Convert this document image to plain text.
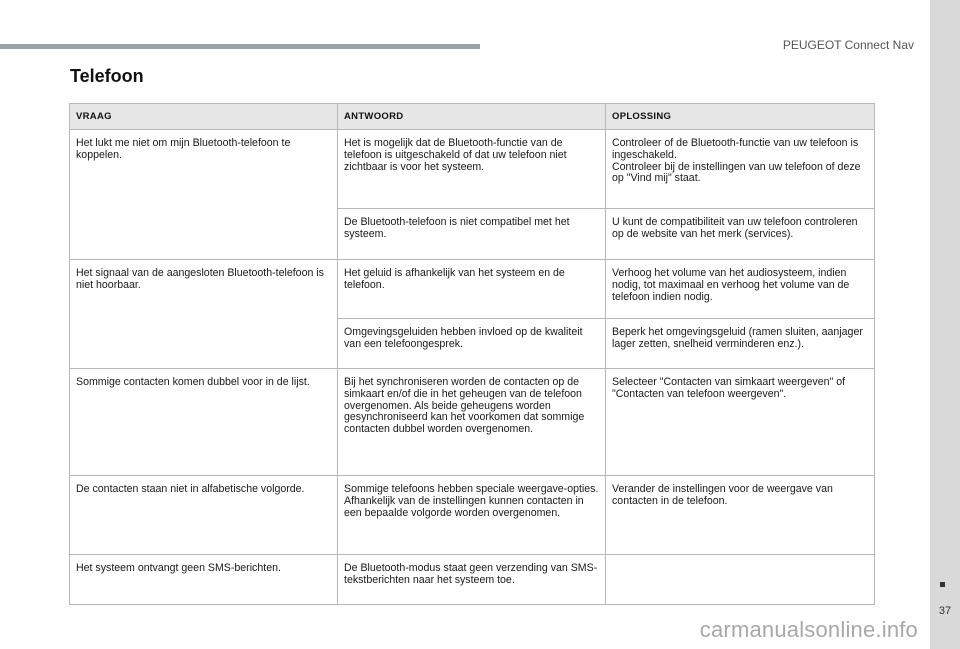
PEUGEOT Connect Nav
37
carmanualsonline.info
Telefoon
VRAAG	ANTWOORD	OPLOSSING
Het lukt me niet om mijn Bluetooth-telefoon te koppelen.	Het is mogelijk dat de Bluetooth-functie van de telefoon is uitgeschakeld of dat uw telefoon niet zichtbaar is voor het systeem.	Controleer of de Bluetooth-functie van uw telefoon is ingeschakeld.
Controleer bij de instellingen van uw telefoon of deze op "Vind mij" staat.
	De Bluetooth-telefoon is niet compatibel met het systeem.	U kunt de compatibiliteit van uw telefoon controleren op de website van het merk (services).
Het signaal van de aangesloten Bluetooth-telefoon is niet hoorbaar.	Het geluid is afhankelijk van het systeem en de telefoon.	Verhoog het volume van het audiosysteem, indien nodig, tot maximaal en verhoog het volume van de telefoon indien nodig.
	Omgevingsgeluiden hebben invloed op de kwaliteit van een telefoongesprek.	Beperk het omgevingsgeluid (ramen sluiten, aanjager lager zetten, snelheid verminderen enz.).
Sommige contacten komen dubbel voor in de lijst.	Bij het synchroniseren worden de contacten op de simkaart en/of die in het geheugen van de telefoon overgenomen. Als beide geheugens worden gesynchroniseerd kan het voorkomen dat sommige contacten dubbel worden overgenomen.	Selecteer "Contacten van simkaart weergeven" of "Contacten van telefoon weergeven".
De contacten staan niet in alfabetische volgorde.	Sommige telefoons hebben speciale weergave-opties. Afhankelijk van de instellingen kunnen contacten in een bepaalde volgorde worden overgenomen.	Verander de instellingen voor de weergave van contacten in de telefoon.
Het systeem ontvangt geen SMS-berichten.	De Bluetooth-modus staat geen verzending van SMS-tekstberichten naar het systeem toe.	
